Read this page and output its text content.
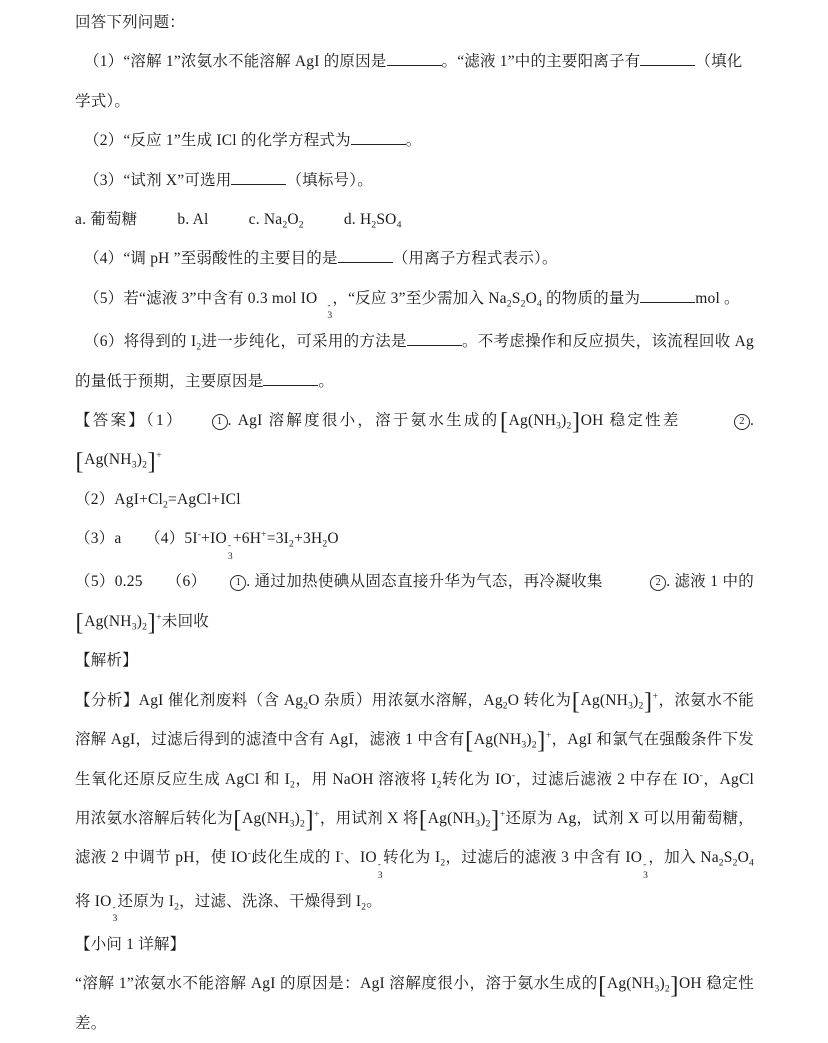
回答下列问题：

（1）“溶解 1”浓氨水不能溶解 AgI 的原因是	。“滤液 1”中的主要阳离子有	（填化学式）。

（2）“反应 1”生成 ICl 的化学方程式为	。

（3）“试剂 X”可选用	（填标号）。

a. 葡萄糖	b. Al	c. $Na_2O_2$	d. $H_2SO_4$

（4）“调 pH ”至弱酸性的主要目的是	（用离子方程式表示）。

（5）若“滤液 3”中含有 0.3 mol IO	-
3
，“反应 3”至少需加入 $Na_2S_2O_4$ 的物质的量为	mol 。

（6）将得到的 $I_2$进一步纯化，可采用的方法是	。不考虑操作和反应损失，该流程回收 Ag 的量低于预期，主要原因是	。

【答案】（1）　　1 . AgI 溶解度很小，溶于氨水生成的$[Ag(NH_3)_2]OH$ 稳定性差　　　2 . $[Ag(NH_3)_2]^+$

$(2)AgI+Cl_2=AgCl+ICl$

（3）a　　（4）5I-+IO -
3
$+6H^+=3I_2+3H_2O$

（5）0.25　　（6）　　1 . 通过加热使碘从固态直接升华为气态，再冷凝收集　　　2 . 滤液 1 中的$[Ag(NH_3)_2]^+$未回收

【解析】

【分析】AgI 催化剂废料（含 $Ag_2O$ 杂质）用浓氨水溶解，$Ag_2O$ 转化为$[Ag(NH_3)_2]^+$，浓氨水不能溶解 AgI，过滤后得到的滤渣中含有 AgI，滤液 1 中含有$[Ag(NH_3)_2]^+$，AgI 和氯气在强酸条件下发生氧化还原反应生成 AgCl 和 $I_2$，用 NaOH 溶液将 $I_2$转化为 IO-，过滤后滤液 2 中存在 IO-，AgCl 用浓氨水溶解后转化为$[Ag(NH_3)_2]^+$，用试剂 X 将$[Ag(NH_3)_2]^+$还原为 Ag，试剂 X 可以用葡萄糖，滤液 2 中调节 pH，使 IO-歧化生成的 I-、IO -
3
转化为 $I_2$，过滤后的滤液 3 中含有 IO -
3
，加入 $Na_2S_2O_4$将 IO -
3
还原为 $I_2$，过滤、洗涤、干燥得到 $I_2$。

【小问 1 详解】

“溶解 1”浓氨水不能溶解 AgI 的原因是：AgI 溶解度很小，溶于氨水生成的$[Ag(NH_3)_2]OH$ 稳定性差。
